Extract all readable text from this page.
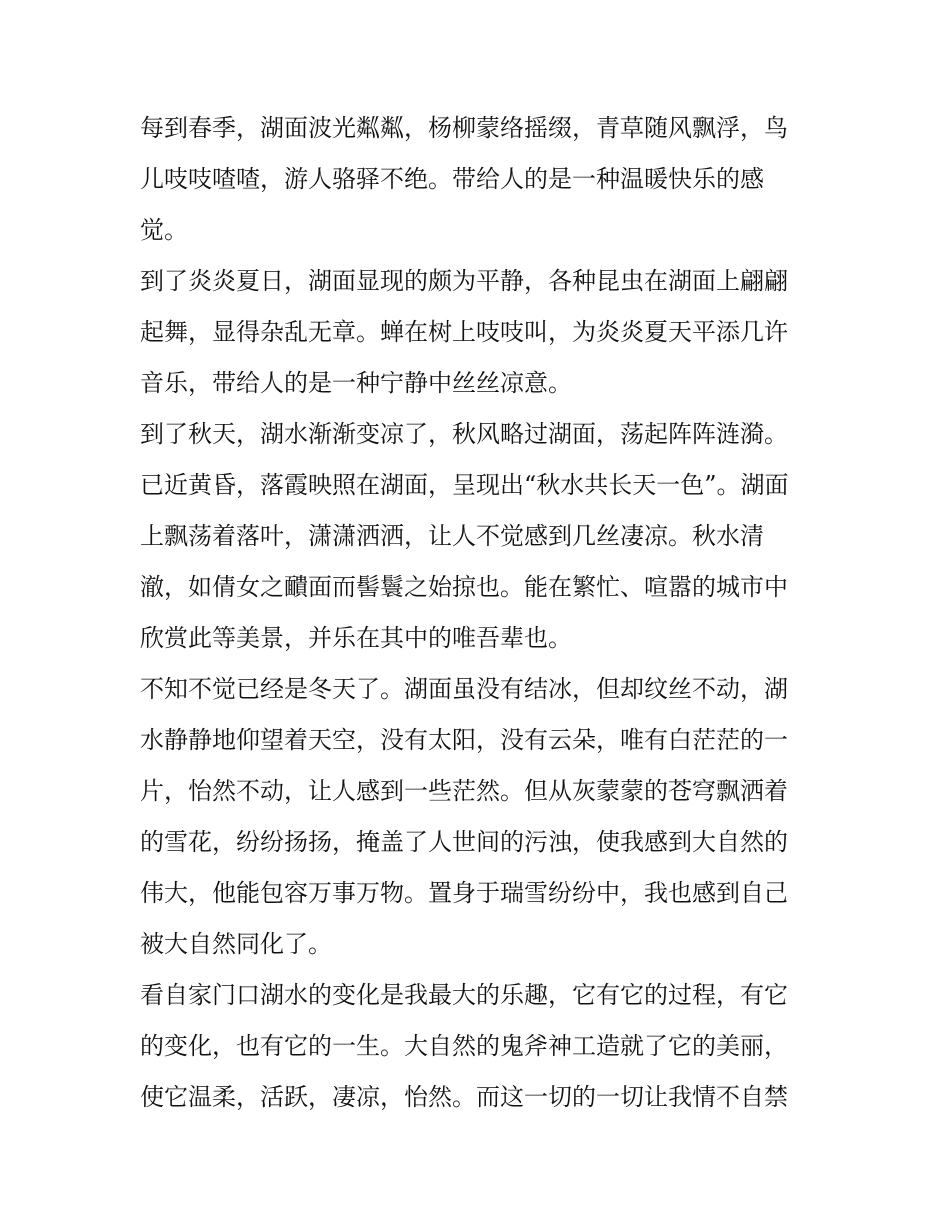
每到春季，湖面波光粼粼，杨柳蒙络摇缀，青草随风飘浮，鸟
儿吱吱喳喳，游人骆驿不绝。带给人的是一种温暖快乐的感
觉。
到了炎炎夏日，湖面显现的颇为平静，各种昆虫在湖面上翩翩
起舞，显得杂乱无章。蝉在树上吱吱叫，为炎炎夏天平添几许
音乐，带给人的是一种宁静中丝丝凉意。
到了秋天，湖水渐渐变凉了，秋风略过湖面，荡起阵阵涟漪。
已近黄昏，落霞映照在湖面，呈现出“秋水共长天一色”。湖面
上飘荡着落叶，潇潇洒洒，让人不觉感到几丝凄凉。秋水清
澈，如倩女之靧面而髻鬟之始掠也。能在繁忙、喧嚣的城市中
欣赏此等美景，并乐在其中的唯吾辈也。
不知不觉已经是冬天了。湖面虽没有结冰，但却纹丝不动，湖
水静静地仰望着天空，没有太阳，没有云朵，唯有白茫茫的一
片，怡然不动，让人感到一些茫然。但从灰蒙蒙的苍穹飘洒着
的雪花，纷纷扬扬，掩盖了人世间的污浊，使我感到大自然的
伟大，他能包容万事万物。置身于瑞雪纷纷中，我也感到自己
被大自然同化了。
看自家门口湖水的变化是我最大的乐趣，它有它的过程，有它
的变化，也有它的一生。大自然的鬼斧神工造就了它的美丽，
使它温柔，活跃，凄凉，怡然。而这一切的一切让我情不自禁
